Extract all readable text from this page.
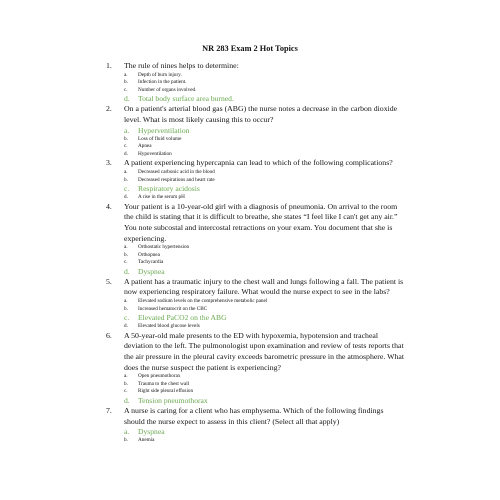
NR 283 Exam 2 Hot Topics
1.	The rule of nines helps to determine:
a.	Depth of burn injury.
b.	Infection in the patient.
c.	Number of organs involved.
d.	Total body surface area burned.
2.	On a patient's arterial blood gas (ABG) the nurse notes a decrease in the carbon dioxide level. What is most likely causing this to occur?
a.	Hyperventilation
b.	Loss of fluid volume
c.	Apnea
d.	Hypoventilation
3.	A patient experiencing hypercapnia can lead to which of the following complications?
a.	Decreased carbonic acid in the blood
b.	Decreased respirations and heart rate
c.	Respiratory acidosis
d.	A rise in the serum pH
4.	Your patient is a 10-year-old girl with a diagnosis of pneumonia. On arrival to the room the child is stating that it is difficult to breathe, she states “I feel like I can't get any air.” You note subcostal and intercostal retractions on your exam. You document that she is experiencing.
a.	Orthostatic hypertension
b.	Orthopnea
c.	Tachycardia
d.	Dyspnea
5.	A patient has a traumatic injury to the chest wall and lungs following a fall. The patient is now experiencing respiratory failure. What would the nurse expect to see in the labs?
a.	Elevated sodium levels on the comprehensive metabolic panel
b.	Increased hematocrit on the CBC
c.	Elevated PaCO2 on the ABG
d.	Elevated blood glucose levels
6.	A 50-year-old male presents to the ED with hypoxemia, hypotension and tracheal deviation to the left. The pulmonologist upon examination and review of tests reports that the air pressure in the pleural cavity exceeds barometric pressure in the atmosphere. What does the nurse suspect the patient is experiencing?
a.	Open pneumothorax
b.	Trauma to the chest wall
c.	Right side pleural effusion
d.	Tension pneumothorax
7.	A nurse is caring for a client who has emphysema. Which of the following findings should the nurse expect to assess in this client? (Select all that apply)
a.	Dyspnea
b.	Anemia
